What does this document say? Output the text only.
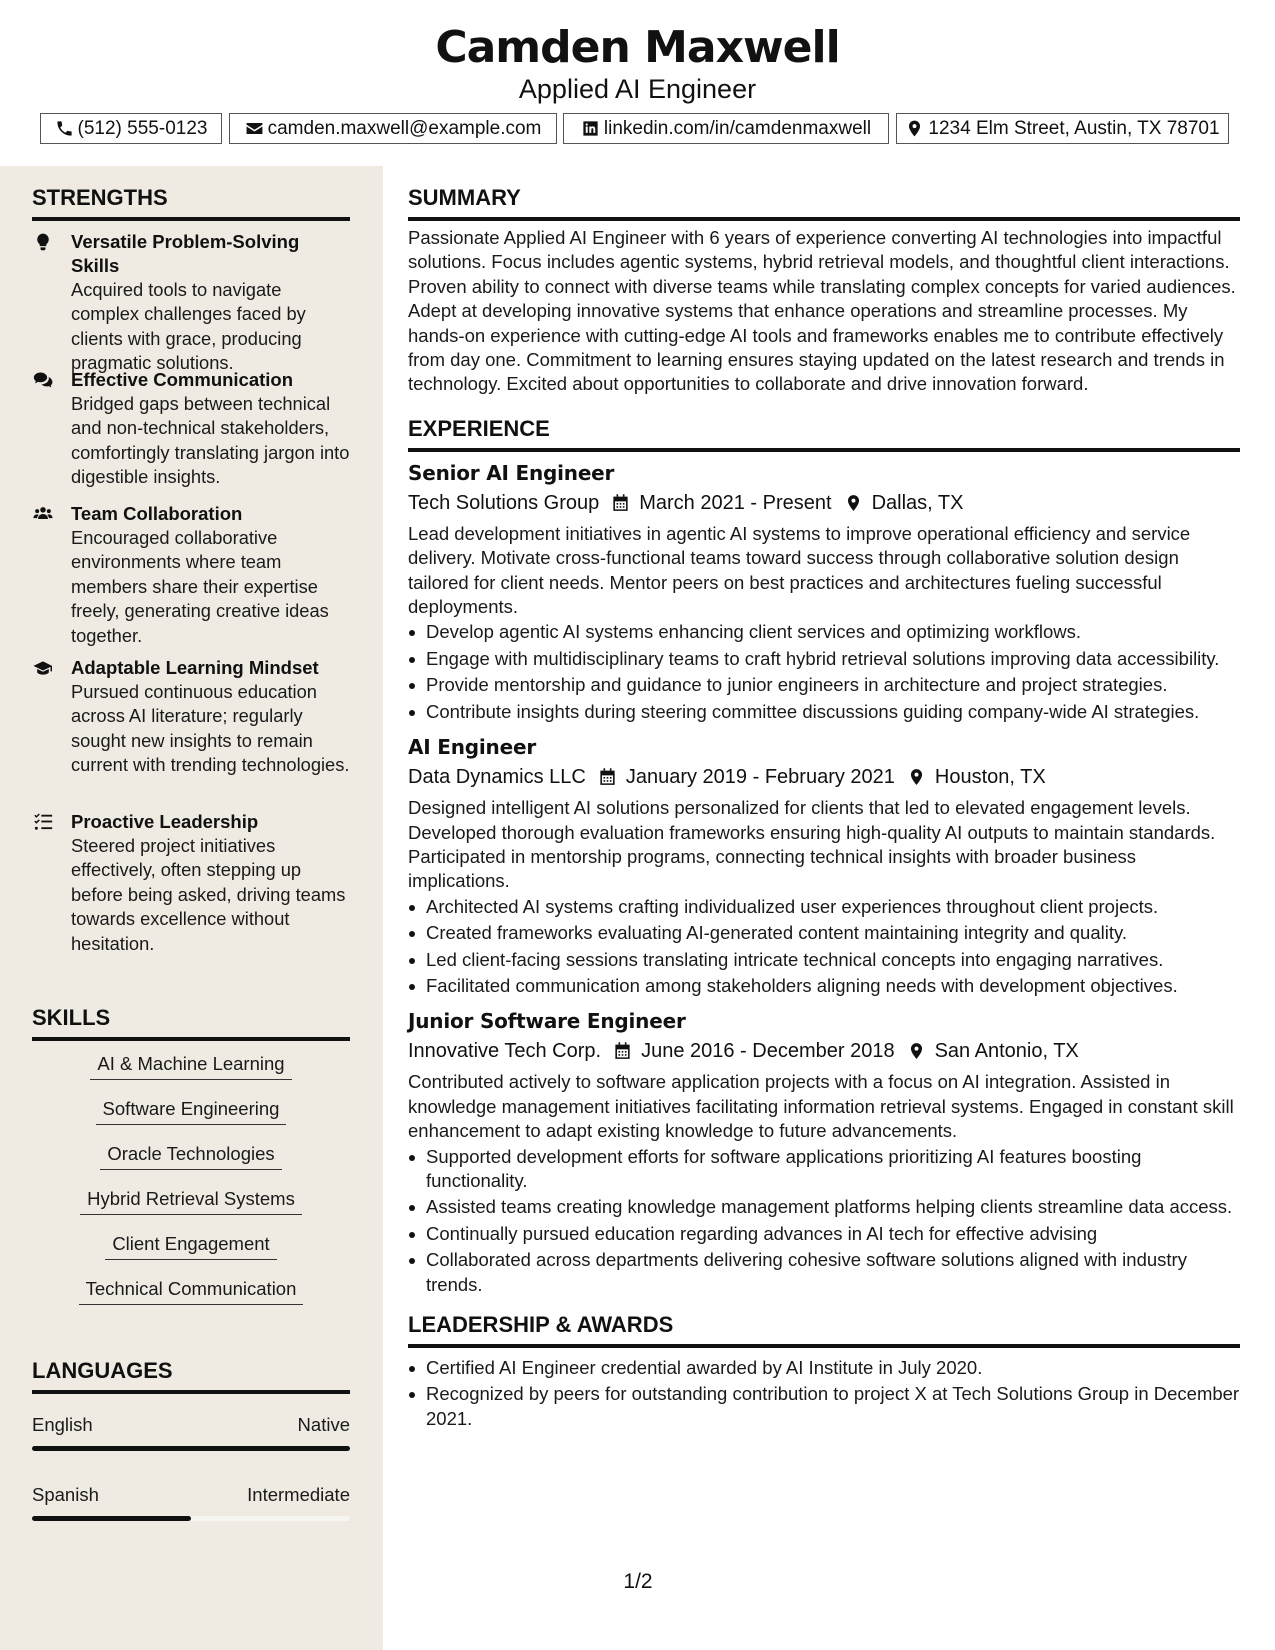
Camden Maxwell
Applied AI Engineer
(512) 555-0123	camden.maxwell@example.com	linkedin.com/in/camdenmaxwell	1234 Elm Street, Austin, TX 78701
STRENGTHS
Versatile Problem-Solving Skills
Acquired tools to navigate complex challenges faced by clients with grace, producing pragmatic solutions.
Effective Communication
Bridged gaps between technical and non-technical stakeholders, comfortingly translating jargon into digestible insights.
Team Collaboration
Encouraged collaborative environments where team members share their expertise freely, generating creative ideas together.
Adaptable Learning Mindset
Pursued continuous education across AI literature; regularly sought new insights to remain current with trending technologies.
Proactive Leadership
Steered project initiatives effectively, often stepping up before being asked, driving teams towards excellence without hesitation.
SKILLS
AI & Machine Learning
Software Engineering
Oracle Technologies
Hybrid Retrieval Systems
Client Engagement
Technical Communication
LANGUAGES
English	Native
Spanish	Intermediate
SUMMARY
Passionate Applied AI Engineer with 6 years of experience converting AI technologies into impactful solutions. Focus includes agentic systems, hybrid retrieval models, and thoughtful client interactions. Proven ability to connect with diverse teams while translating complex concepts for varied audiences. Adept at developing innovative systems that enhance operations and streamline processes. My hands-on experience with cutting-edge AI tools and frameworks enables me to contribute effectively from day one. Commitment to learning ensures staying updated on the latest research and trends in technology. Excited about opportunities to collaborate and drive innovation forward.
EXPERIENCE
Senior AI Engineer
Tech Solutions Group March 2021 - Present Dallas, TX
Lead development initiatives in agentic AI systems to improve operational efficiency and service delivery. Motivate cross-functional teams toward success through collaborative solution design tailored for client needs. Mentor peers on best practices and architectures fueling successful deployments.
Develop agentic AI systems enhancing client services and optimizing workflows.
Engage with multidisciplinary teams to craft hybrid retrieval solutions improving data accessibility.
Provide mentorship and guidance to junior engineers in architecture and project strategies.
Contribute insights during steering committee discussions guiding company-wide AI strategies.
AI Engineer
Data Dynamics LLC January 2019 - February 2021 Houston, TX
Designed intelligent AI solutions personalized for clients that led to elevated engagement levels. Developed thorough evaluation frameworks ensuring high-quality AI outputs to maintain standards. Participated in mentorship programs, connecting technical insights with broader business implications.
Architected AI systems crafting individualized user experiences throughout client projects.
Created frameworks evaluating AI-generated content maintaining integrity and quality.
Led client-facing sessions translating intricate technical concepts into engaging narratives.
Facilitated communication among stakeholders aligning needs with development objectives.
Junior Software Engineer
Innovative Tech Corp. June 2016 - December 2018 San Antonio, TX
Contributed actively to software application projects with a focus on AI integration. Assisted in knowledge management initiatives facilitating information retrieval systems. Engaged in constant skill enhancement to adapt existing knowledge to future advancements.
Supported development efforts for software applications prioritizing AI features boosting functionality.
Assisted teams creating knowledge management platforms helping clients streamline data access.
Continually pursued education regarding advances in AI tech for effective advising
Collaborated across departments delivering cohesive software solutions aligned with industry trends.
LEADERSHIP & AWARDS
Certified AI Engineer credential awarded by AI Institute in July 2020.
Recognized by peers for outstanding contribution to project X at Tech Solutions Group in December 2021.
1/2
